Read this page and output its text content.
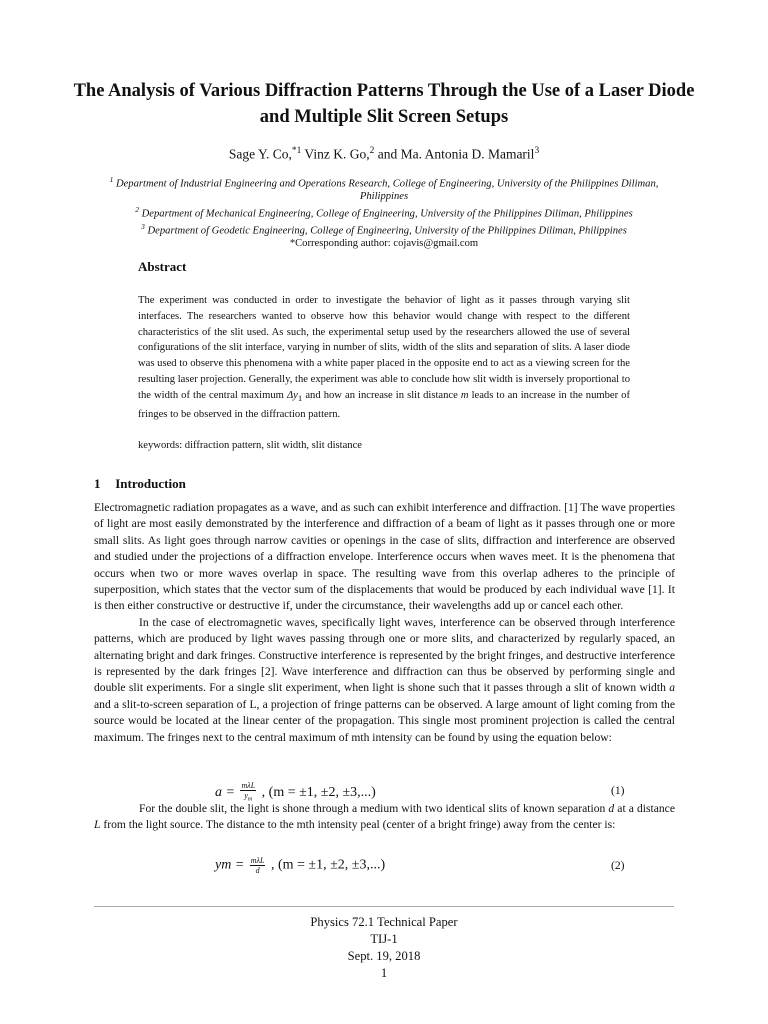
The Analysis of Various Diffraction Patterns Through the Use of a Laser Diode and Multiple Slit Screen Setups
Sage Y. Co,$^{*1}$ Vinz K. Go,$^2$ and Ma. Antonia D. Mamaril$^3$
$^1$ Department of Industrial Engineering and Operations Research, College of Engineering, University of the Philippines Diliman, Philippines
$^2$ Department of Mechanical Engineering, College of Engineering, University of the Philippines Diliman, Philippines
$^3$ Department of Geodetic Engineering, College of Engineering, University of the Philippines Diliman, Philippines
*Corresponding author: cojavis@gmail.com
Abstract
The experiment was conducted in order to investigate the behavior of light as it passes through varying slit interfaces. The researchers wanted to observe how this behavior would change with respect to the different characteristics of the slit used. As such, the experimental setup used by the researchers allowed the use of several configurations of the slit interface, varying in number of slits, width of the slits and separation of slits. A laser diode was used to observe this phenomena with a white paper placed in the opposite end to act as a viewing screen for the resulting laser projection. Generally, the experiment was able to conclude how slit width is inversely proportional to the width of the central maximum $\Delta y_1$ and how an increase in slit distance m leads to an increase in the number of fringes to be observed in the diffraction pattern.
keywords: diffraction pattern, slit width, slit distance
1 Introduction

Electromagnetic radiation propagates as a wave, and as such can exhibit interference and diffraction. [1] The wave properties of light are most easily demonstrated by the interference and diffraction of a beam of light as it passes through one or more small slits. As light goes through narrow cavities or openings in the case of slits, diffraction and interference are observed and studied under the projections of a diffraction envelope. Interference occurs when waves meet. It is the phenomena that occurs when two or more waves overlap in space. The resulting wave from this overlap adheres to the principle of superposition, which states that the vector sum of the displacements that would be produced by each individual wave [1]. It is then either constructive or destructive if, under the circumstance, their wavelengths add up or cancel each other.

In the case of electromagnetic waves, specifically light waves, interference can be observed through interference patterns, which are produced by light waves passing through one or more slits, and characterized by regularly spaced, an alternating bright and dark fringes. Constructive interference is represented by the bright fringes, and destructive interference is represented by the dark fringes [2]. Wave interference and diffraction can thus be observed by performing single and double slit experiments. For a single slit experiment, when light is shone such that it passes through a slit of known width a and a slit-to-screen separation of L, a projection of fringe patterns can be observed. A large amount of light coming from the source would be located at the linear center of the propagation. This single most prominent projection is called the central maximum. The fringes next to the central maximum of mth intensity can be found by using the equation below:

$a = \frac{\text{mλL}}{y_m}$ , (m = ±1, ±2, ±3,...)	(1)

For the double slit, the light is shone through a medium with two identical slits of known separation d at a distance L from the light source. The distance to the mth intensity peal (center of a bright fringe) away from the center is:

ym = $\frac{\text{mλL}}{d}$ , (m = ±1, ±2, ±3,...)	(2)
Physics 72.1 Technical Paper
TIJ-1
Sept. 19, 2018
1
